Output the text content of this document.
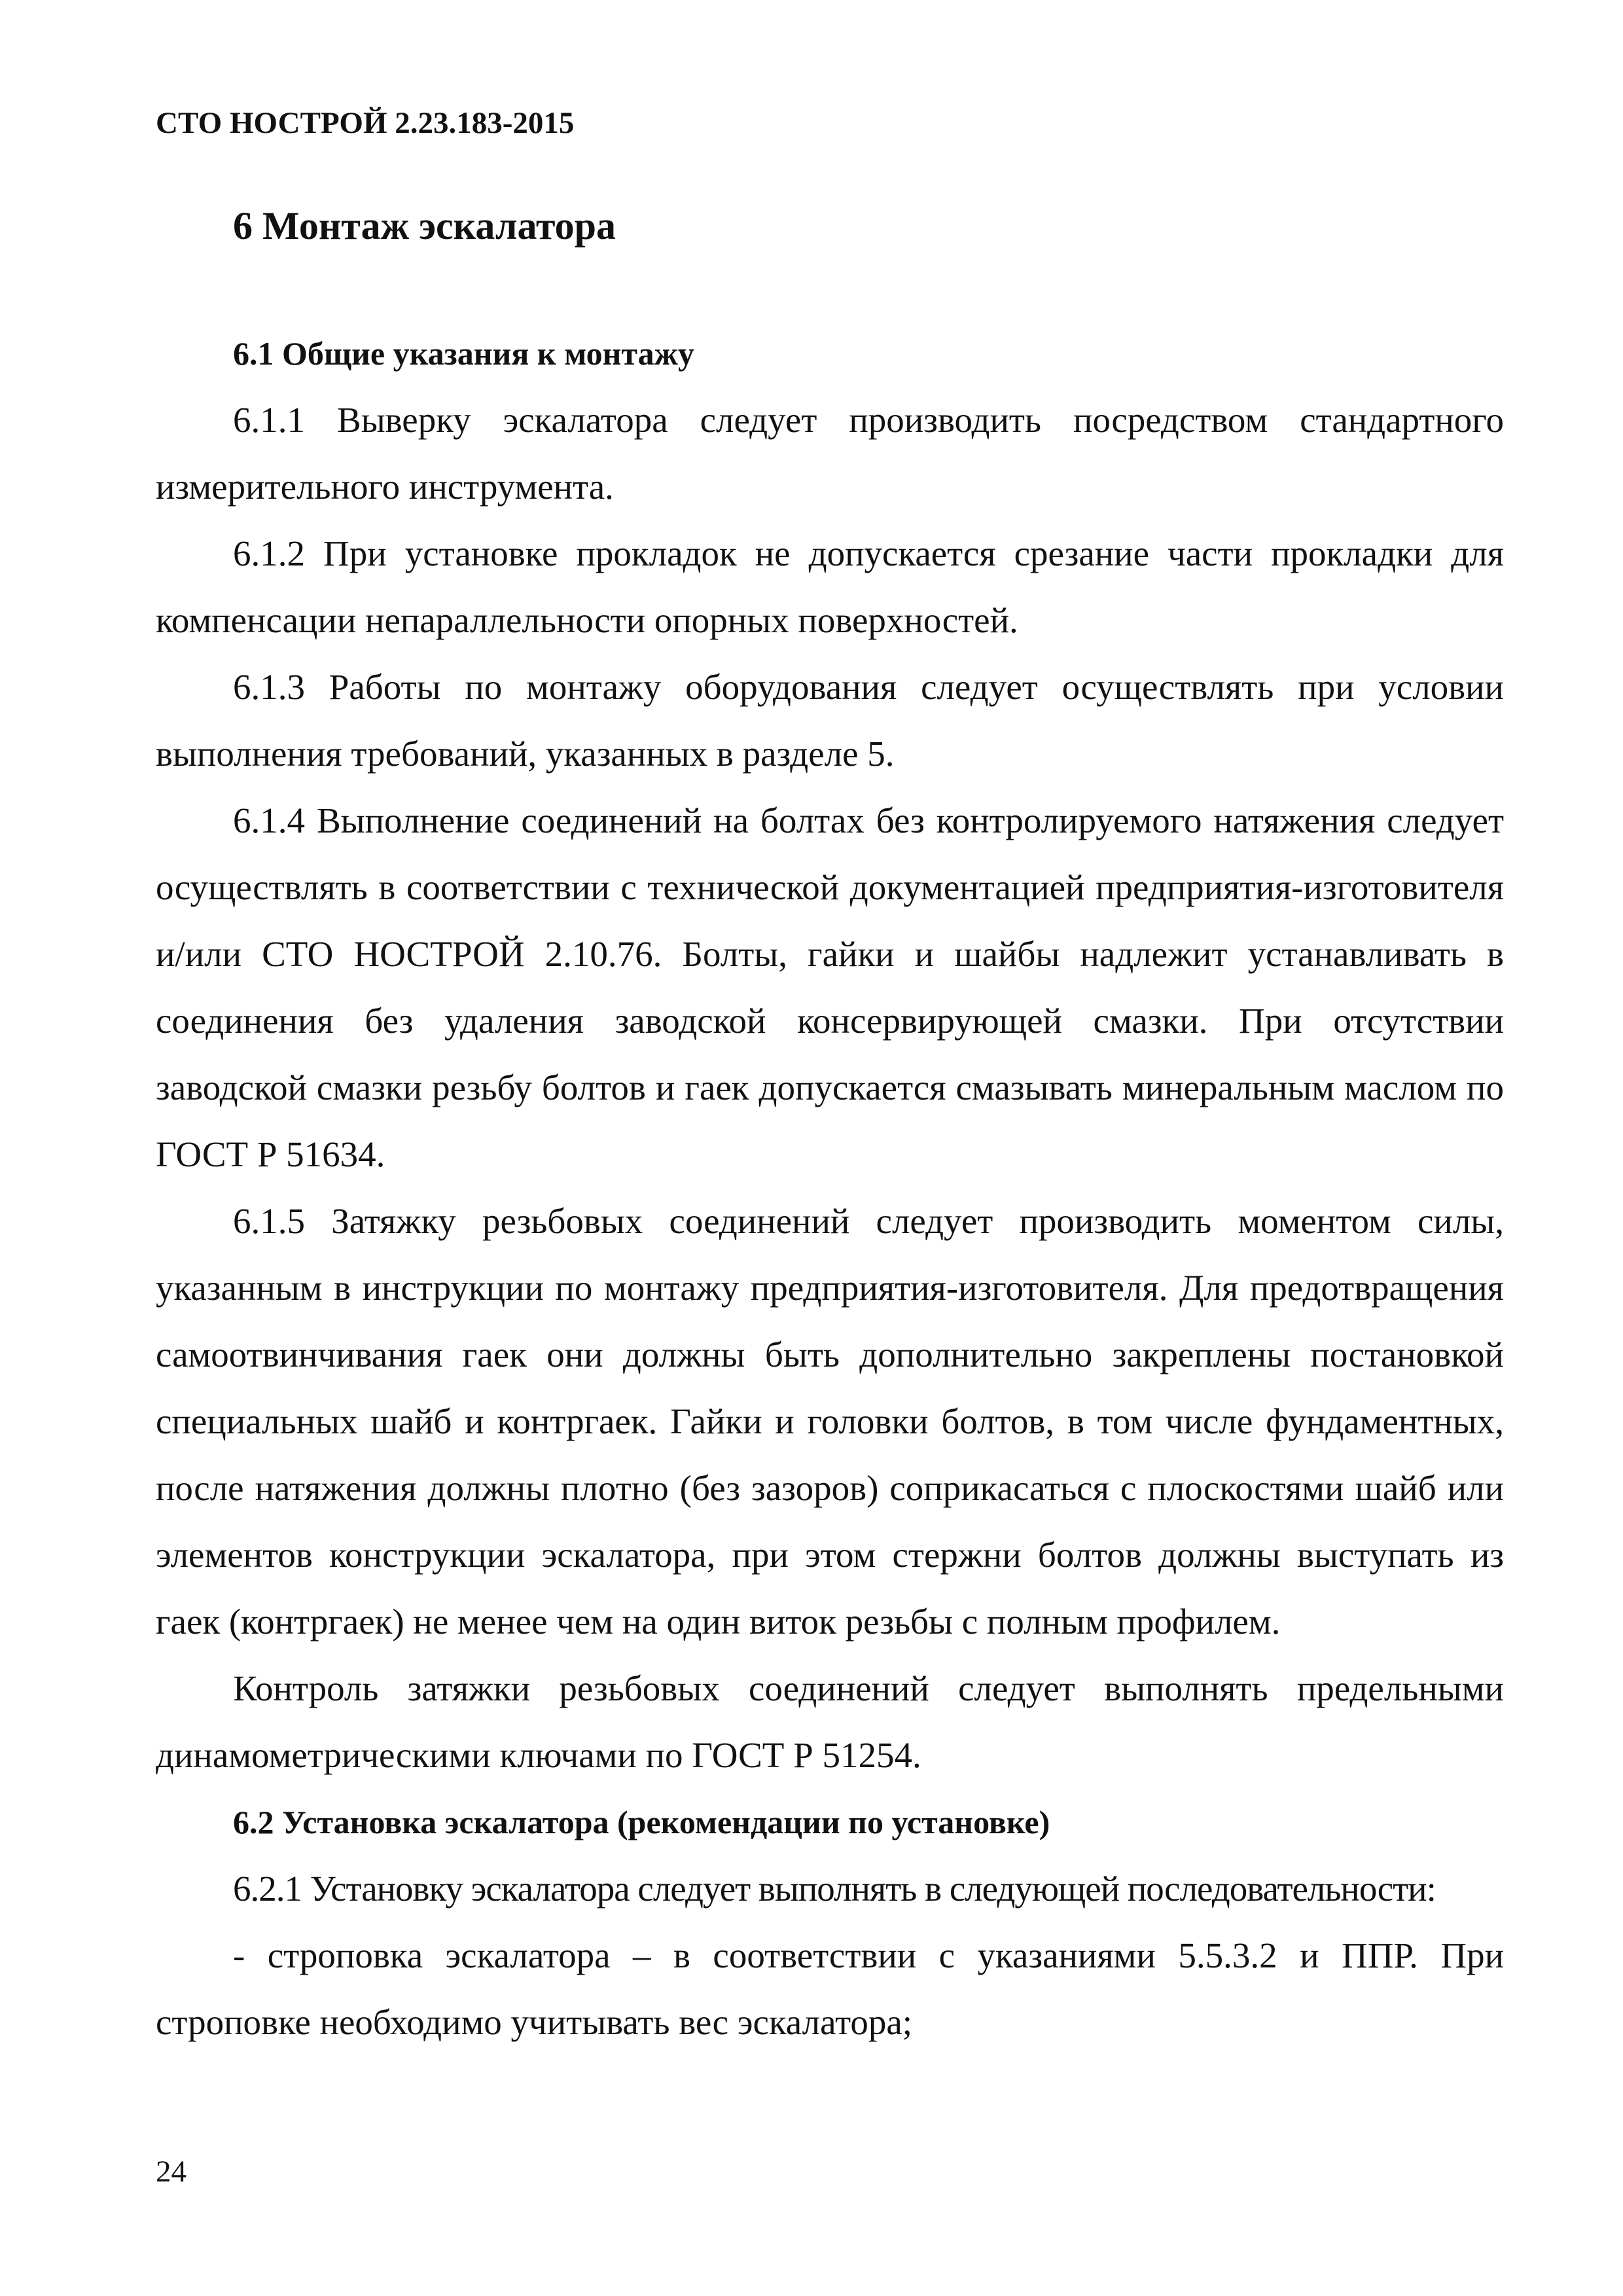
СТО НОСТРОЙ 2.23.183-2015

6 Монтаж эскалатора
6.1 Общие указания к монтажу

6.1.1 Выверку эскалатора следует производить посредством стандартного измерительного инструмента.

6.1.2 При установке прокладок не допускается срезание части прокладки для компенсации непараллельности опорных поверхностей.

6.1.3 Работы по монтажу оборудования следует осуществлять при условии выполнения требований, указанных в разделе 5.

6.1.4 Выполнение соединений на болтах без контролируемого натяжения следует осуществлять в соответствии с технической документацией предприятия-изготовителя и/или СТО НОСТРОЙ 2.10.76. Болты, гайки и шайбы надлежит устанавливать в соединения без удаления заводской консервирующей смазки. При отсутствии заводской смазки резьбу болтов и гаек допускается смазывать минеральным маслом по ГОСТ Р 51634.

6.1.5 Затяжку резьбовых соединений следует производить моментом силы, указанным в инструкции по монтажу предприятия-изготовителя. Для предотвращения самоотвинчивания гаек они должны быть дополнительно закреплены постановкой специальных шайб и контргаек. Гайки и головки болтов, в том числе фундаментных, после натяжения должны плотно (без зазоров) соприкасаться с плоскостями шайб или элементов конструкции эскалатора, при этом стержни болтов должны выступать из гаек (контргаек) не менее чем на один виток резьбы с полным профилем.

Контроль затяжки резьбовых соединений следует выполнять предельными динамометрическими ключами по ГОСТ Р 51254.

6.2 Установка эскалатора (рекомендации по установке)

6.2.1 Установку эскалатора следует выполнять в следующей последовательности:

- строповка эскалатора – в соответствии с указаниями 5.5.3.2 и ППР. При строповке необходимо учитывать вес эскалатора;

24
